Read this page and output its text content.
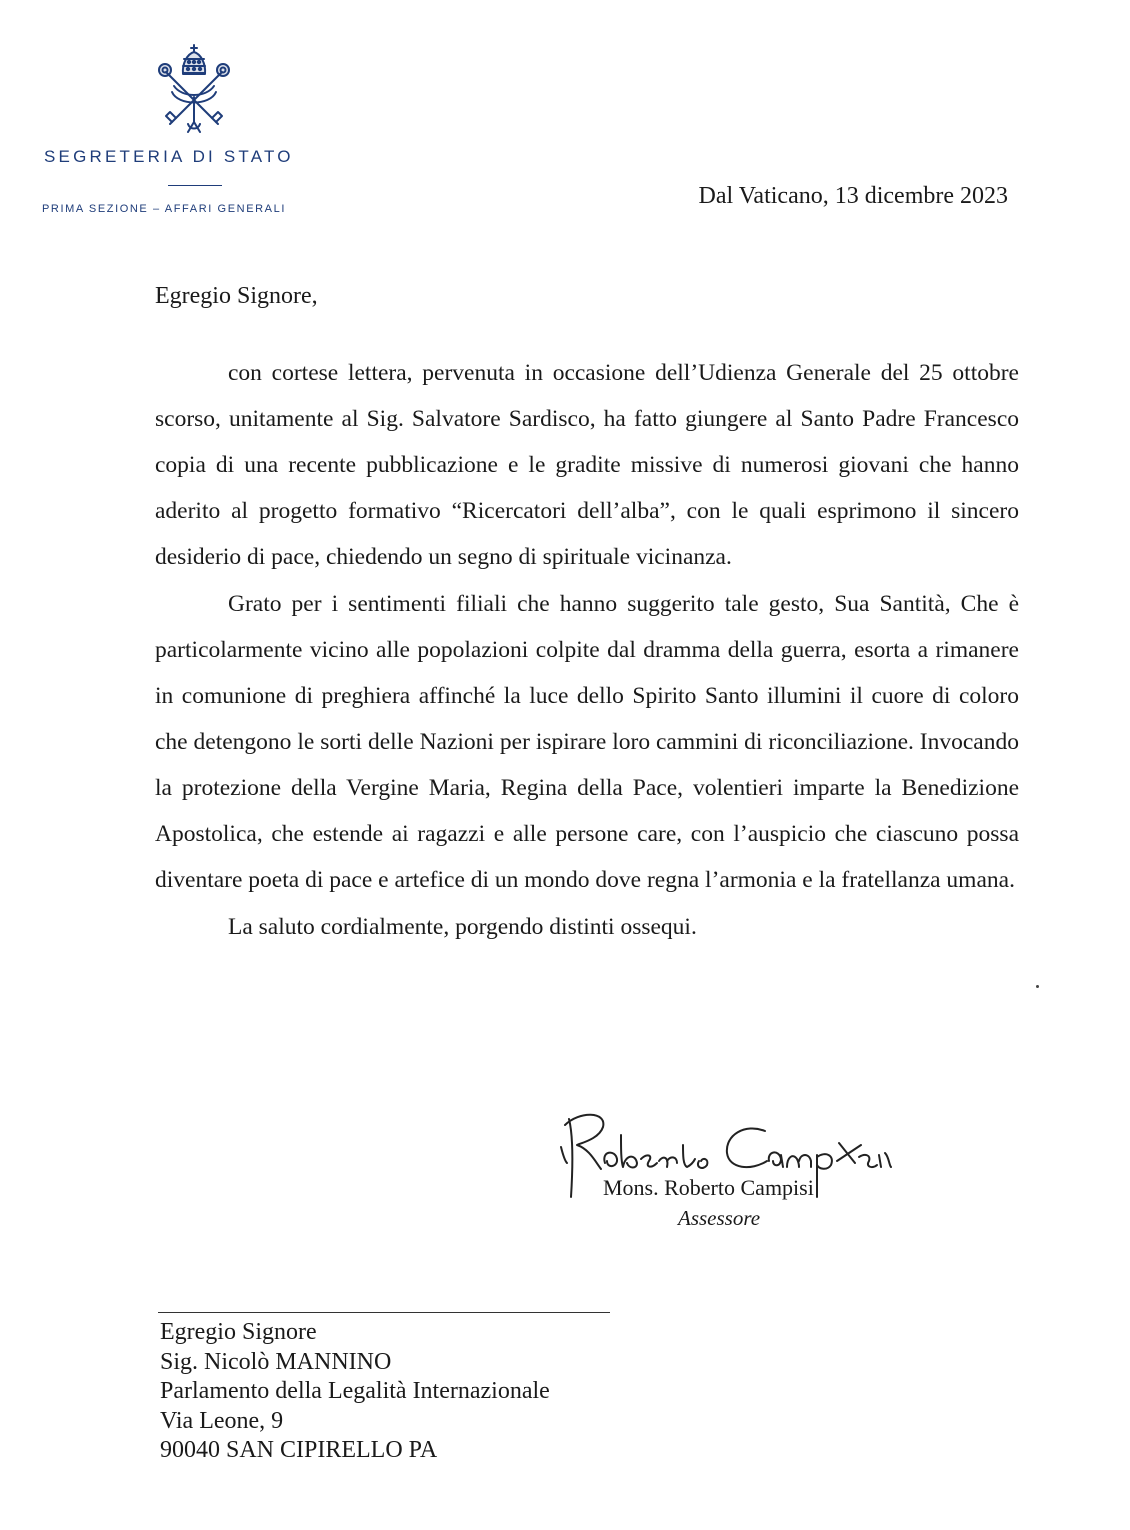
SEGRETERIA DI STATO
PRIMA SEZIONE – AFFARI GENERALI	Dal Vaticano, 13 dicembre 2023
Egregio Signore,

con cortese lettera, pervenuta in occasione dell’Udienza Generale del 25 ottobre scorso, unitamente al Sig. Salvatore Sardisco, ha fatto giungere al Santo Padre Francesco copia di una recente pubblicazione e le gradite missive di numerosi giovani che hanno aderito al progetto formativo “Ricercatori dell’alba”, con le quali esprimono il sincero desiderio di pace, chiedendo un segno di spirituale vicinanza.

Grato per i sentimenti filiali che hanno suggerito tale gesto, Sua Santità, Che è particolarmente vicino alle popolazioni colpite dal dramma della guerra, esorta a rimanere in comunione di preghiera affinché la luce dello Spirito Santo illumini il cuore di coloro che detengono le sorti delle Nazioni per ispirare loro cammini di riconciliazione. Invocando la protezione della Vergine Maria, Regina della Pace, volentieri imparte la Benedizione Apostolica, che estende ai ragazzi e alle persone care, con l’auspicio che ciascuno possa diventare poeta di pace e artefice di un mondo dove regna l’armonia e la fratellanza umana.

La saluto cordialmente, porgendo distinti ossequi.

Mons. Roberto Campisi
Assessore
Egregio Signore
Sig. Nicolò MANNINO
Parlamento della Legalità Internazionale
Via Leone, 9
90040 SAN CIPIRELLO PA
